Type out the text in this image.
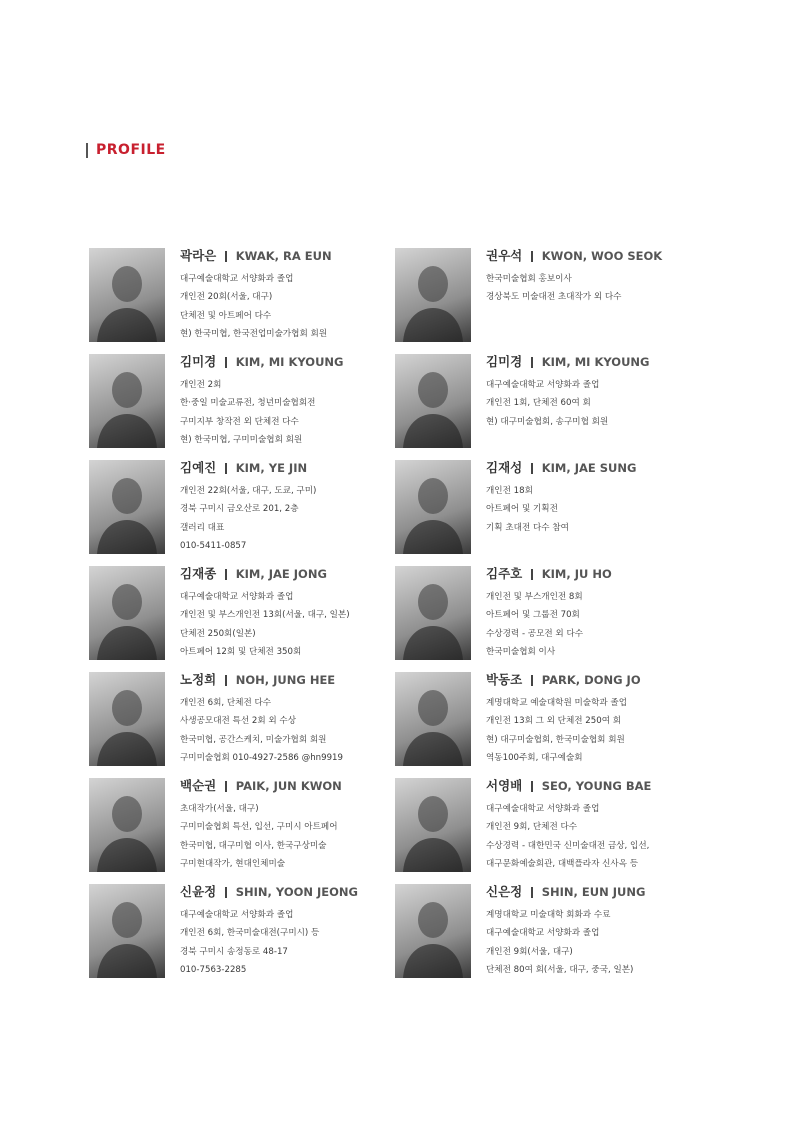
PROFILE
곽라은 KWAK, RA EUN
대구예술대학교 서양화과 졸업
개인전 20회(서울, 대구)
단체전 및 아트페어 다수
현) 한국미협, 한국전업미술가협회 회원
권우석 KWON, WOO SEOK
한국미술협회 홍보이사
경상북도 미술대전 초대작가 외 다수
김미경 KIM, MI KYOUNG
개인전 2회
한·중일 미술교류전, 청년미술협회전
구미지부 창작전 외 단체전 다수
현) 한국미협, 구미미술협회 회원
김미경 KIM, MI KYOUNG
대구예술대학교 서양화과 졸업
개인전 1회, 단체전 60여 회
현) 대구미술협회, 송구미협 회원
김예진 KIM, YE JIN
개인전 22회(서울, 대구, 도쿄, 구미)
경북 구미시 금오산로 201, 2층
갤러리 대표
010-5411-0857
김재성 KIM, JAE SUNG
개인전 18회
아트페어 및 기획전
기획 초대전 다수 참여
김재종 KIM, JAE JONG
대구예술대학교 서양화과 졸업
개인전 및 부스개인전 13회(서울, 대구, 일본)
단체전 250회(일본)
아트페어 12회 및 단체전 350회
김주호 KIM, JU HO
개인전 및 부스개인전 8회
아트페어 및 그룹전 70회
수상경력 - 공모전 외 다수
한국미술협회 이사
노정희 NOH, JUNG HEE
개인전 6회, 단체전 다수
사생공모대전 특선 2회 외 수상
한국미협, 공간스케치, 미술가협회 회원
구미미술협회 010-4927-2586 @hn9919
박동조 PARK, DONG JO
계명대학교 예술대학원 미술학과 졸업
개인전 13회 그 외 단체전 250여 회
현) 대구미술협회, 한국미술협회 회원
역동100주회, 대구예술회
백순권 PAIK, JUN KWON
초대작가(서울, 대구)
구미미술협회 특선, 입선, 구미시 아트페어
한국미협, 대구미협 이사, 한국구상미술
구미현대작가, 현대인체미술
서영배 SEO, YOUNG BAE
대구예술대학교 서양화과 졸업
개인전 9회, 단체전 다수
수상경력 - 대한민국 신미술대전 금상, 입선,
대구문화예술회관, 대백플라자 신사옥 등
신윤정 SHIN, YOON JEONG
대구예술대학교 서양화과 졸업
개인전 6회, 한국미술대전(구미시) 등
경북 구미시 송정동로 48-17
010-7563-2285
신은정 SHIN, EUN JUNG
계명대학교 미술대학 회화과 수료
대구예술대학교 서양화과 졸업
개인전 9회(서울, 대구)
단체전 80여 회(서울, 대구, 중국, 일본)
